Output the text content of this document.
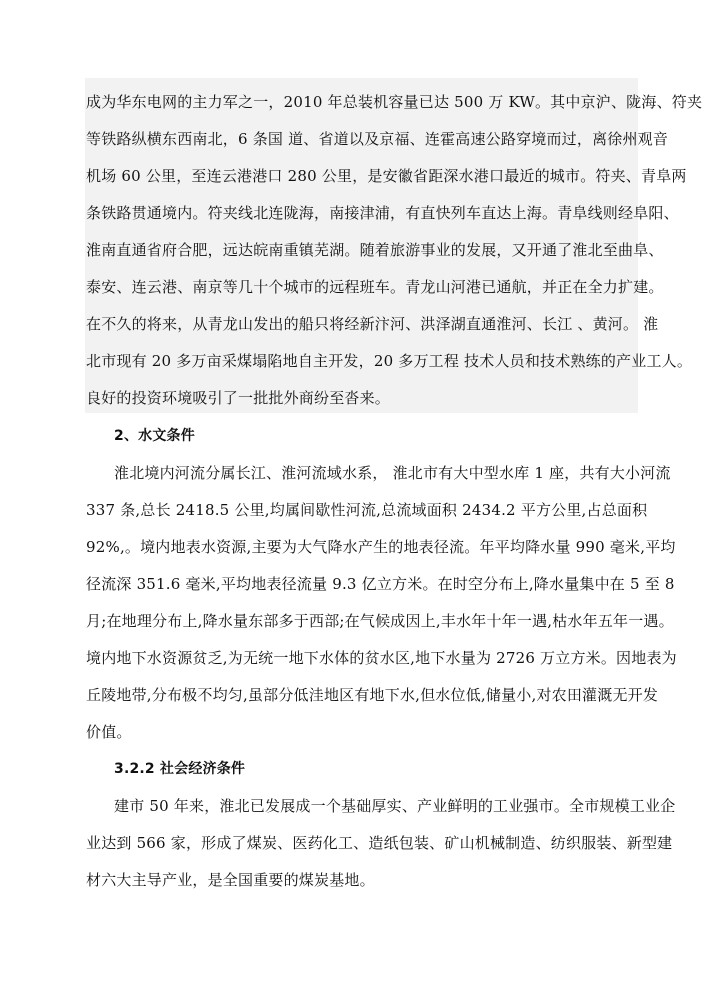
成为华东电网的主力军之一，2010 年总装机容量已达 500 万 KW。其中京沪、陇海、符夹
等铁路纵横东西南北，6 条国 道、省道以及京福、连霍高速公路穿境而过，离徐州观音
机场 60 公里，至连云港港口 280 公里，是安徽省距深水港口最近的城市。符夹、青阜两
条铁路贯通境内。符夹线北连陇海，南接津浦，有直快列车直达上海。青阜线则经阜阳、
淮南直通省府合肥，远达皖南重镇芜湖。随着旅游事业的发展，又开通了淮北至曲阜、
泰安、连云港、南京等几十个城市的远程班车。青龙山河港已通航，并正在全力扩建。
在不久的将来，从青龙山发出的船只将经新汴河、洪泽湖直通淮河、长江 、黄河。 淮
北市现有 20 多万亩采煤塌陷地自主开发，20 多万工程 技术人员和技术熟练的产业工人。
良好的投资环境吸引了一批批外商纷至沓来。
2、水文条件
淮北境内河流分属长江、淮河流域水系， 淮北市有大中型水库 1 座，共有大小河流
337 条,总长 2418.5 公里,均属间歇性河流,总流域面积 2434.2 平方公里,占总面积
92%,。境内地表水资源,主要为大气降水产生的地表径流。年平均降水量 990 毫米,平均
径流深 351.6 毫米,平均地表径流量 9.3 亿立方米。在时空分布上,降水量集中在 5 至 8
月;在地理分布上,降水量东部多于西部;在气候成因上,丰水年十年一遇,枯水年五年一遇。
境内地下水资源贫乏,为无统一地下水体的贫水区,地下水量为 2726 万立方米。因地表为
丘陵地带,分布极不均匀,虽部分低洼地区有地下水,但水位低,储量小,对农田灌溉无开发
价值。
3.2.2 社会经济条件
建市 50 年来，淮北已发展成一个基础厚实、产业鲜明的工业强市。全市规模工业企
业达到 566 家，形成了煤炭、医药化工、造纸包装、矿山机械制造、纺织服装、新型建
材六大主导产业，是全国重要的煤炭基地。
